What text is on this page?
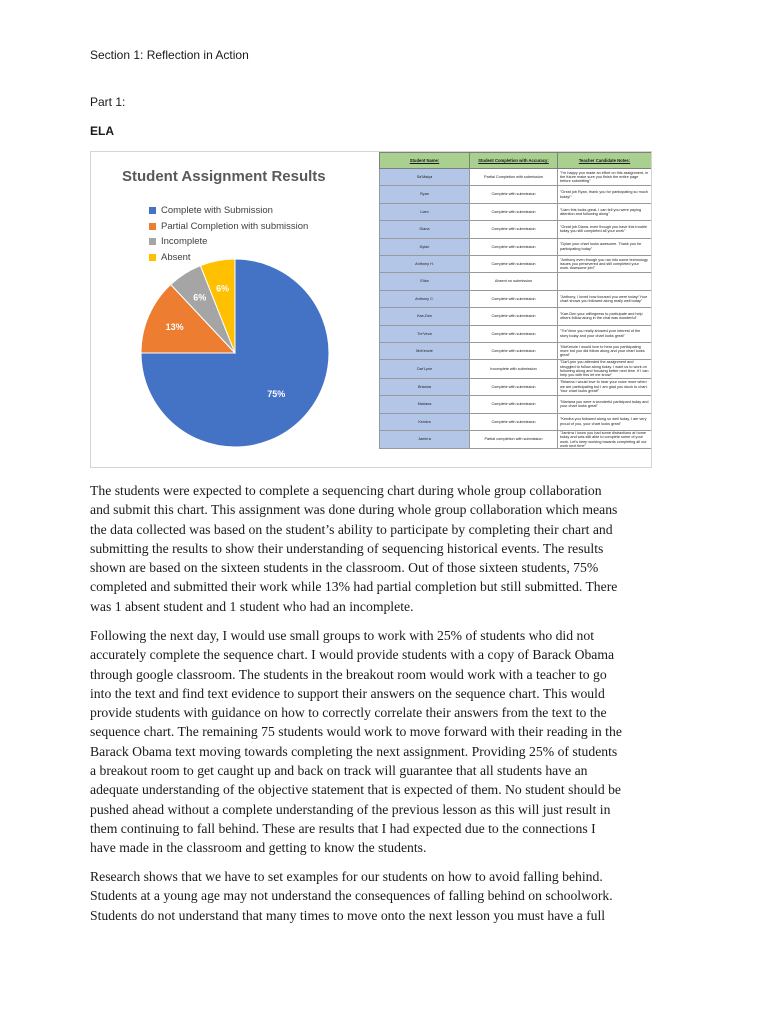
Section 1: Reflection in Action
Part 1:
ELA
Student Assignment Results
Complete with Submission
Partial Completion with submission
Incomplete
Absent
75%
13%
6%
6%
Student Name:	Student Completion with Accuracy:	Teacher Candidate Notes:
Sa'Maiya	Partial Completion with submission	"I'm happy you made an effort on this assignment, in the future make sure you finish the entire page before submitting"
Ryan	Complete with submission	"Great job Ryan, thank you for participating so much today!"
Liam	Complete with submission	"Liam this looks great, I can tell you were paying attention and following along"
Diana	Complete with submission	"Great job Diana, even though you have this trouble today you still completed all your work"
Dylan	Complete with submission	"Dylan your chart looks awesome. Thank you for participating today"
Anthony H.	Complete with submission	"Anthony even though you ran into some technology issues you persevered and still completed your work. Awesome job!"
Eliza	Absent no submission	
Anthony C.	Complete with submission	"Anthony, I loved how focused you were today! Your chart shows you followed along really well today"
Kae-Den	Complete with submission	"Kae-Den your willingness to participate and help others follow along in the chat was wonderful"
Tre'Veon	Complete with submission	"Tre'Veon you really showed your interest of the story today and your chart looks great"
McKenzie	Complete with submission	"McKenzie I would love to hear you participating more but you did follow along and your chart looks great"
Dar'Lynn	Incomplete with submission	"Dar'Lynn you attended the assignment and struggled to follow along today. I want us to work on following along and focusing better next time. If I can help you with this let me know"
Brianna	Complete with submission	"Brianna I would love to hear your voice more when we are participating but I am glad you stuck to chart. Your chart looks great!"
Mariana	Complete with submission	"Mariana you were a wonderful participant today and your chart looks great"
Kendra	Complete with submission	"Kendra you followed along so well today, I am very proud of you, your chart looks great"
Jamirra	Partial completion with submission	"Jamirra I know you had some distractions at home today and was still able to complete some of your work. Let's keep working towards completing all our work next time"
The students were expected to complete a sequencing chart during whole group collaboration
and submit this chart. This assignment was done during whole group collaboration which means
the data collected was based on the student’s ability to participate by completing their chart and
submitting the results to show their understanding of sequencing historical events. The results
shown are based on the sixteen students in the classroom. Out of those sixteen students, 75%
completed and submitted their work while 13% had partial completion but still submitted. There
was 1 absent student and 1 student who had an incomplete.
Following the next day, I would use small groups to work with 25% of students who did not
accurately complete the sequence chart. I would provide students with a copy of Barack Obama
through google classroom. The students in the breakout room would work with a teacher to go
into the text and find text evidence to support their answers on the sequence chart. This would
provide students with guidance on how to correctly correlate their answers from the text to the
sequence chart. The remaining 75 students would work to move forward with their reading in the
Barack Obama text moving towards completing the next assignment. Providing 25% of students
a breakout room to get caught up and back on track will guarantee that all students have an
adequate understanding of the objective statement that is expected of them. No student should be
pushed ahead without a complete understanding of the previous lesson as this will just result in
them continuing to fall behind. These are results that I had expected due to the connections I
have made in the classroom and getting to know the students.
Research shows that we have to set examples for our students on how to avoid falling behind.
Students at a young age may not understand the consequences of falling behind on schoolwork.
Students do not understand that many times to move onto the next lesson you must have a full
